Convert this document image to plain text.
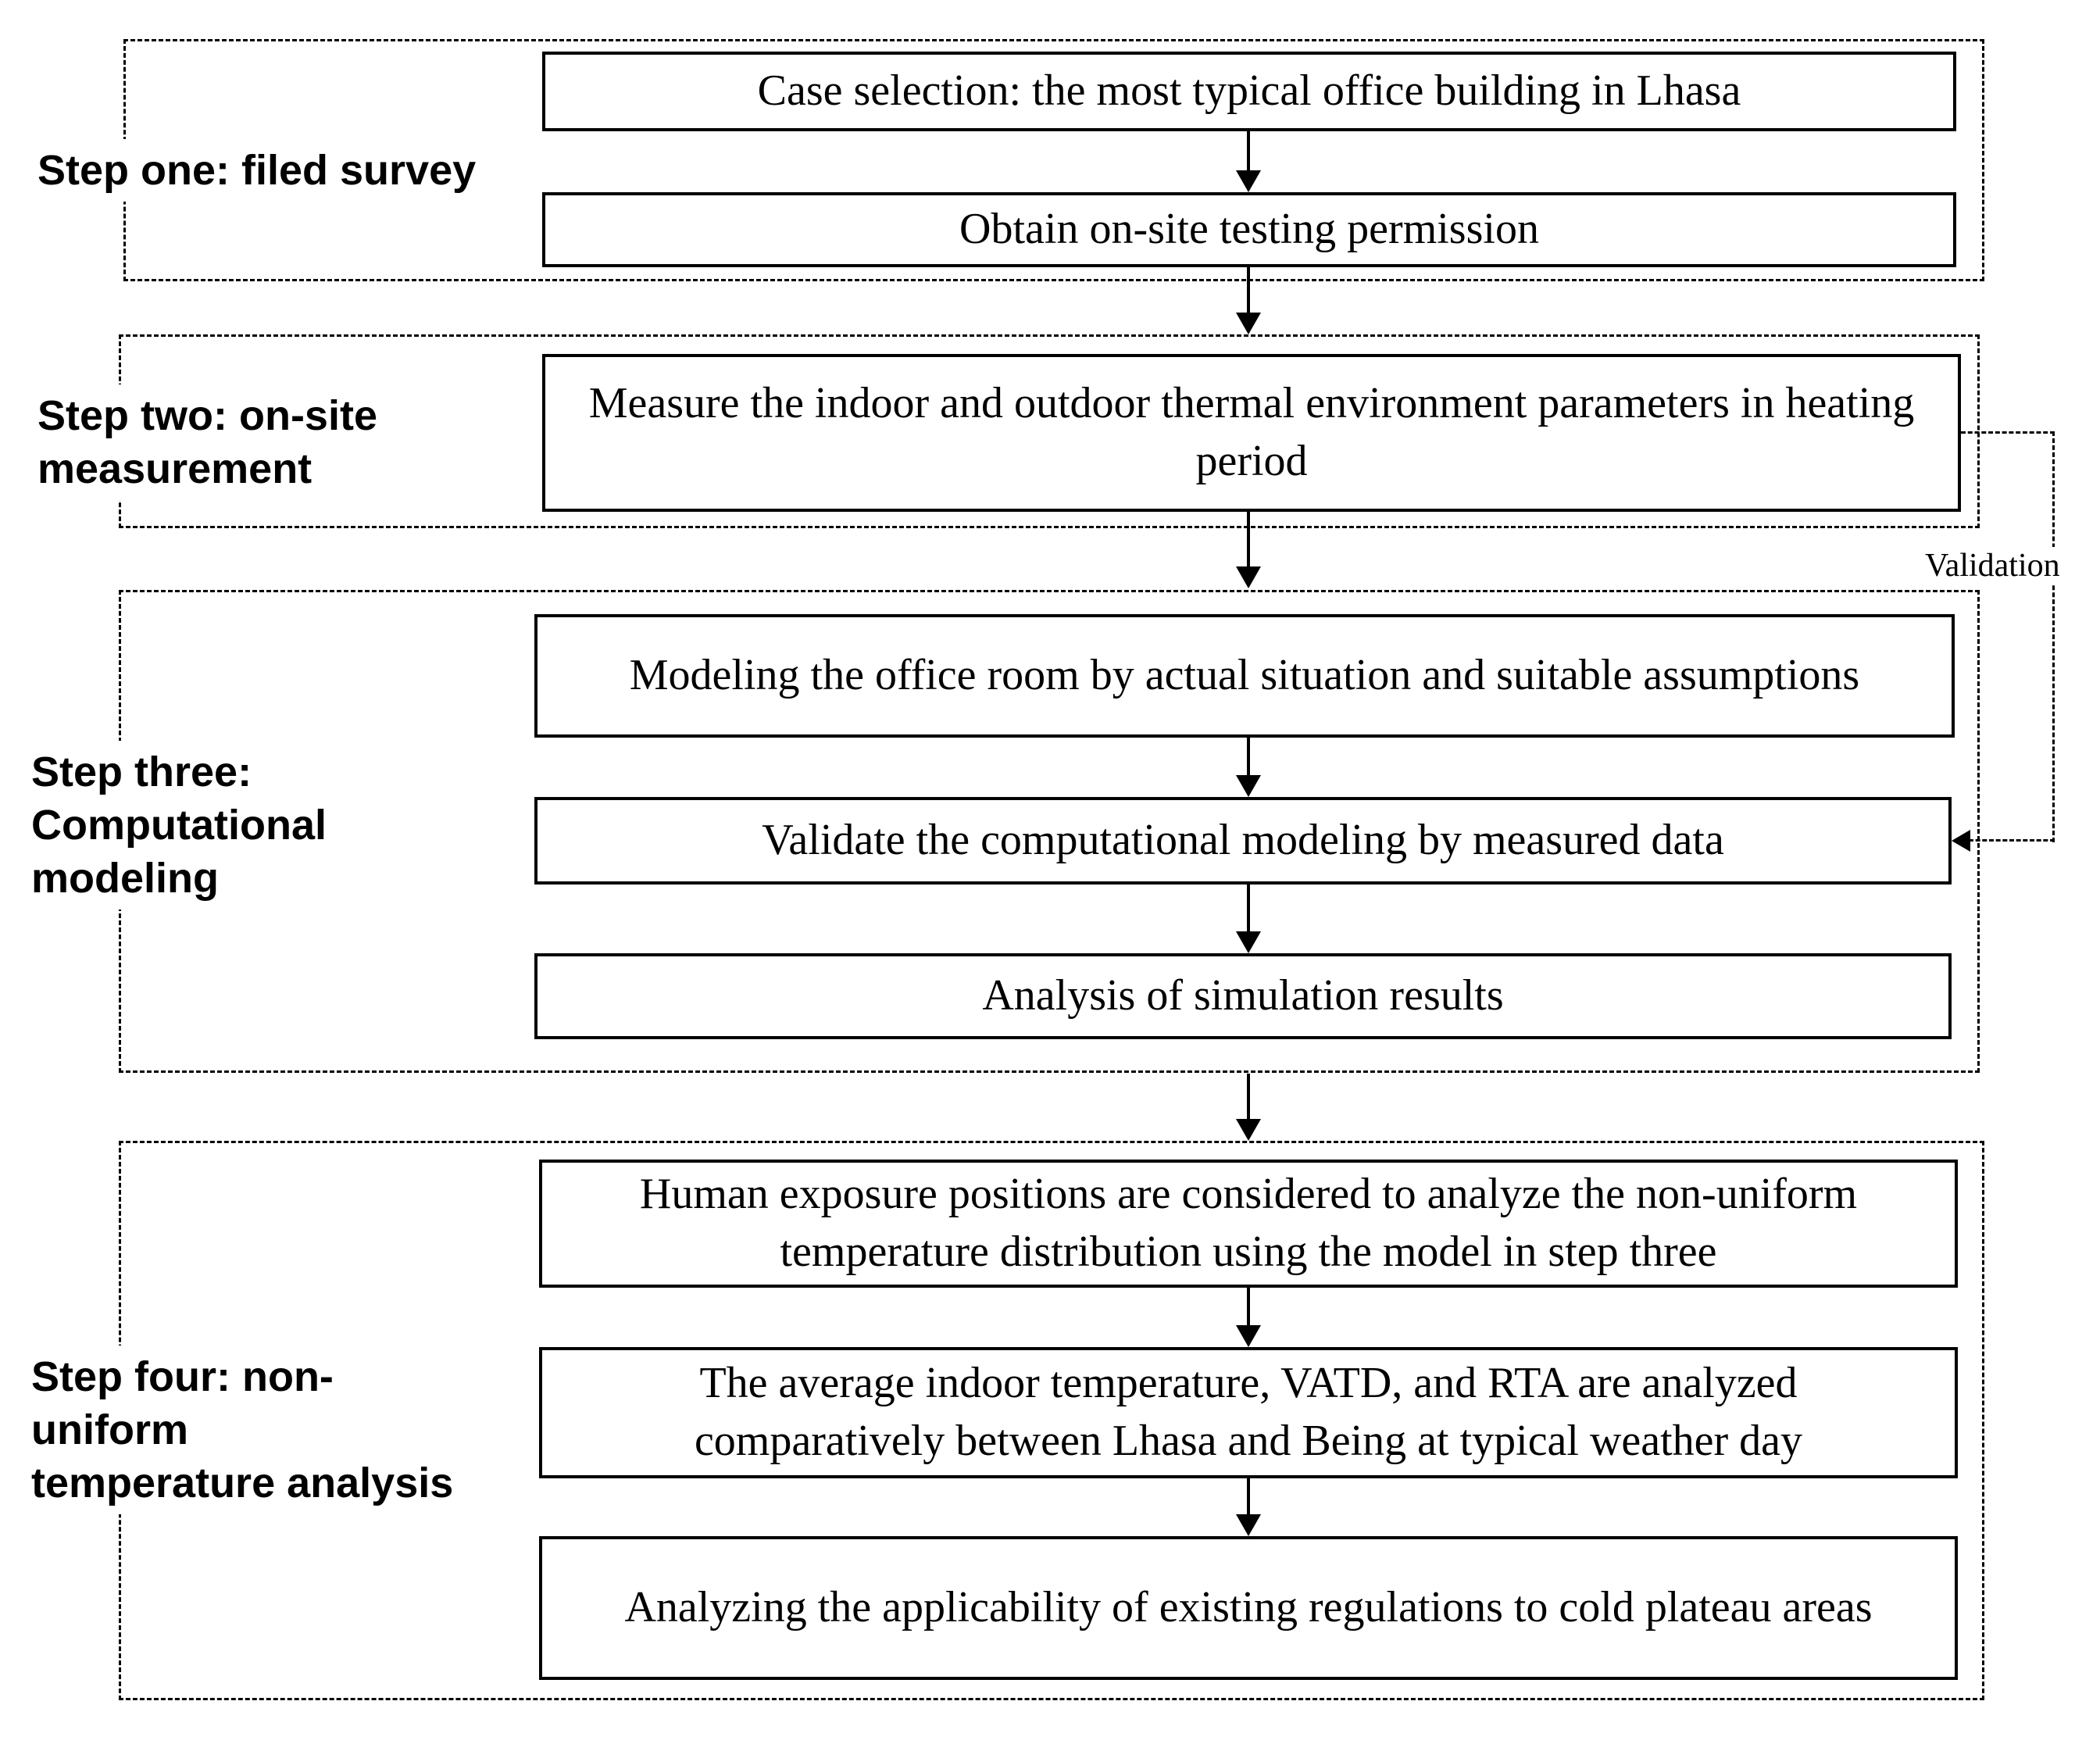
Step one: filed survey
Step two: on-site
measurement
Step three:
Computational
modeling
Step four: non-
uniform
temperature analysis
Case selection: the most typical office building in Lhasa
Obtain on-site testing permission
Measure the indoor and outdoor thermal environment parameters in heating period
Modeling the office room by actual situation and suitable assumptions
Validate the computational modeling by measured data
Analysis of simulation results
Human exposure positions are considered to analyze the non-uniform temperature distribution using the model in step three
The average indoor temperature, VATD, and RTA are analyzed comparatively between Lhasa and Being at typical weather day
Analyzing the applicability of existing regulations to cold plateau areas
Validation
